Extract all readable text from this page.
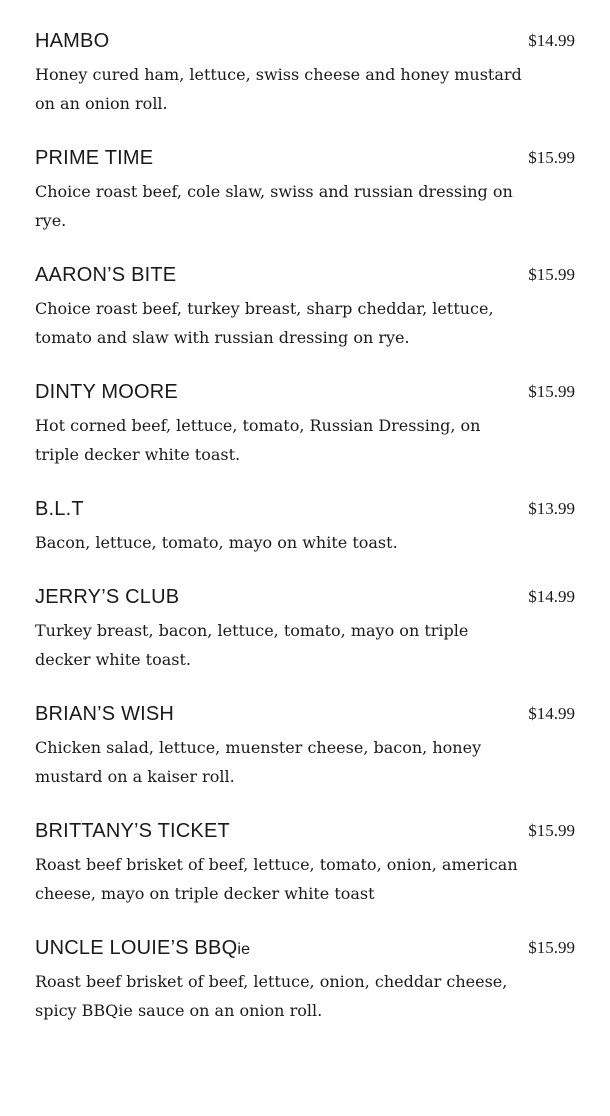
HAMBO	$14.99
Honey cured ham, lettuce, swiss cheese and honey mustard on an onion roll.
PRIME TIME	$15.99
Choice roast beef, cole slaw, swiss and russian dressing on rye.
AARON’S BITE	$15.99
Choice roast beef, turkey breast, sharp cheddar, lettuce, tomato and slaw with russian dressing on rye.
DINTY MOORE	$15.99
Hot corned beef, lettuce, tomato, Russian Dressing, on triple decker white toast.
B.L.T	$13.99
Bacon, lettuce, tomato, mayo on white toast.
JERRY’S CLUB	$14.99
Turkey breast, bacon, lettuce, tomato, mayo on triple decker white toast.
BRIAN’S WISH	$14.99
Chicken salad, lettuce, muenster cheese, bacon, honey mustard on a kaiser roll.
BRITTANY’S TICKET	$15.99
Roast beef brisket of beef, lettuce, tomato, onion, american cheese, mayo on triple decker white toast
UNCLE LOUIE’S BBQie	$15.99
Roast beef brisket of beef, lettuce, onion, cheddar cheese, spicy BBQie sauce on an onion roll.
